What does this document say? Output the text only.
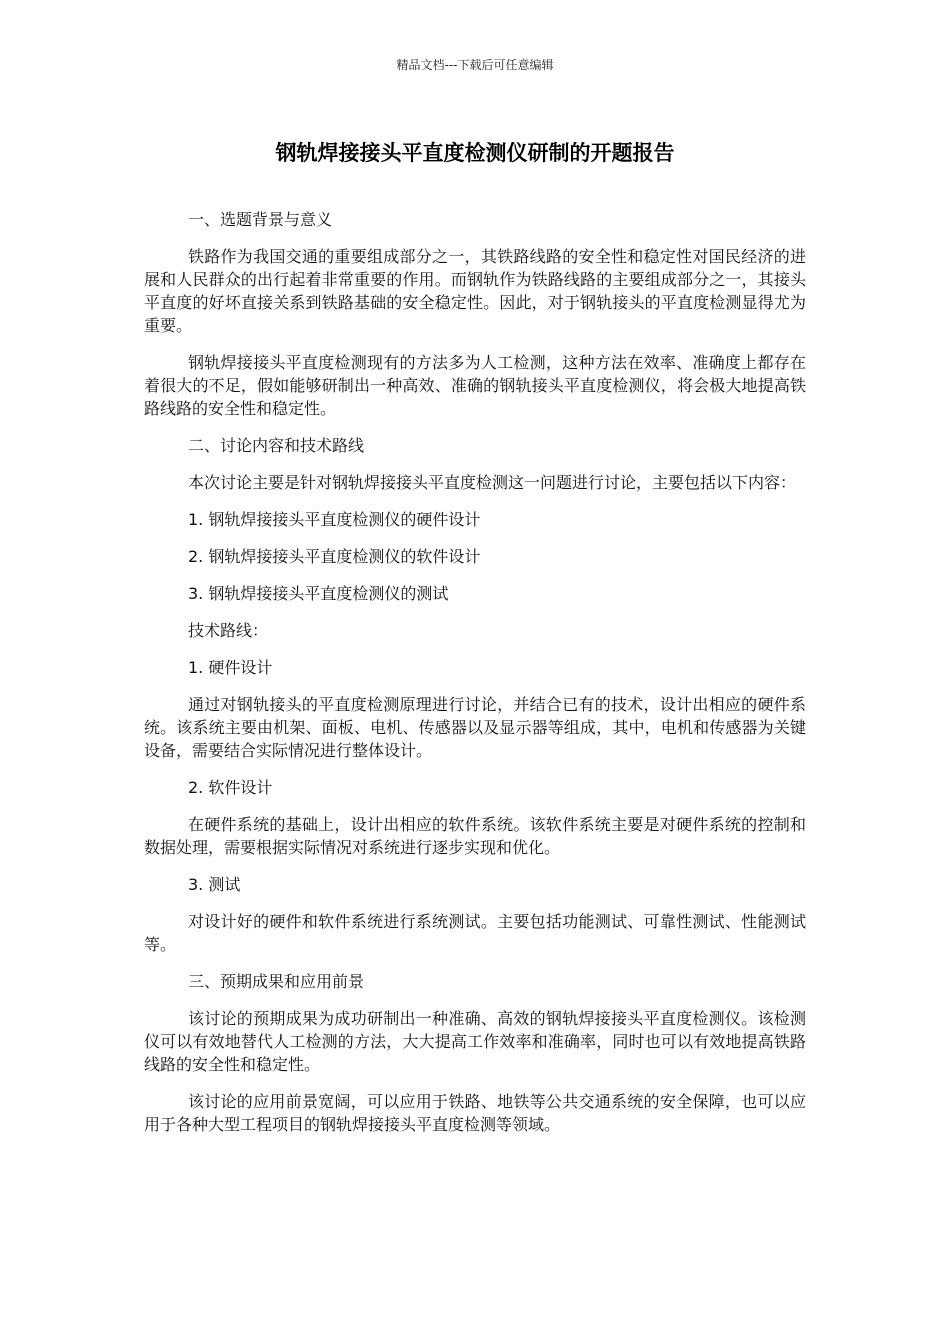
精品文档---下载后可任意编辑
钢轨焊接接头平直度检测仪研制的开题报告

一、选题背景与意义

铁路作为我国交通的重要组成部分之一，其铁路线路的安全性和稳定性对国民经济的进展和人民群众的出行起着非常重要的作用。而钢轨作为铁路线路的主要组成部分之一，其接头平直度的好坏直接关系到铁路基础的安全稳定性。因此，对于钢轨接头的平直度检测显得尤为重要。

钢轨焊接接头平直度检测现有的方法多为人工检测，这种方法在效率、准确度上都存在着很大的不足，假如能够研制出一种高效、准确的钢轨接头平直度检测仪，将会极大地提高铁路线路的安全性和稳定性。

二、讨论内容和技术路线

本次讨论主要是针对钢轨焊接接头平直度检测这一问题进行讨论，主要包括以下内容：

1. 钢轨焊接接头平直度检测仪的硬件设计

2. 钢轨焊接接头平直度检测仪的软件设计

3. 钢轨焊接接头平直度检测仪的测试

技术路线：

1. 硬件设计

通过对钢轨接头的平直度检测原理进行讨论，并结合已有的技术，设计出相应的硬件系统。该系统主要由机架、面板、电机、传感器以及显示器等组成，其中，电机和传感器为关键设备，需要结合实际情况进行整体设计。

2. 软件设计

在硬件系统的基础上，设计出相应的软件系统。该软件系统主要是对硬件系统的控制和数据处理，需要根据实际情况对系统进行逐步实现和优化。

3. 测试

对设计好的硬件和软件系统进行系统测试。主要包括功能测试、可靠性测试、性能测试等。

三、预期成果和应用前景

该讨论的预期成果为成功研制出一种准确、高效的钢轨焊接接头平直度检测仪。该检测仪可以有效地替代人工检测的方法，大大提高工作效率和准确率，同时也可以有效地提高铁路线路的安全性和稳定性。

该讨论的应用前景宽阔，可以应用于铁路、地铁等公共交通系统的安全保障，也可以应用于各种大型工程项目的钢轨焊接接头平直度检测等领域。
